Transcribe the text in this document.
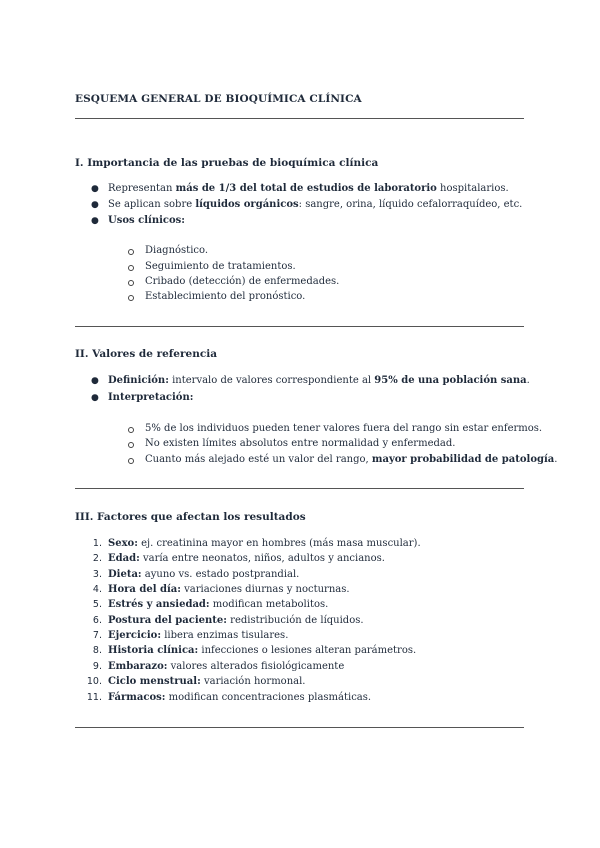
ESQUEMA GENERAL DE BIOQUÍMICA CLÍNICA
I. Importancia de las pruebas de bioquímica clínica
● Representan más de 1/3 del total de estudios de laboratorio hospitalarios.
● Se aplican sobre líquidos orgánicos: sangre, orina, líquido cefalorraquídeo, etc.
● Usos clínicos:
Diagnóstico.
Seguimiento de tratamientos.
Cribado (detección) de enfermedades.
Establecimiento del pronóstico.
II. Valores de referencia
● Definición: intervalo de valores correspondiente al 95% de una población sana.
● Interpretación:
5% de los individuos pueden tener valores fuera del rango sin estar enfermos.
No existen límites absolutos entre normalidad y enfermedad.
Cuanto más alejado esté un valor del rango, mayor probabilidad de patología.
III. Factores que afectan los resultados
1. Sexo: ej. creatinina mayor en hombres (más masa muscular).
2. Edad: varía entre neonatos, niños, adultos y ancianos.
3. Dieta: ayuno vs. estado postprandial.
4. Hora del día: variaciones diurnas y nocturnas.
5. Estrés y ansiedad: modifican metabolitos.
6. Postura del paciente: redistribución de líquidos.
7. Ejercicio: libera enzimas tisulares.
8. Historia clínica: infecciones o lesiones alteran parámetros.
9. Embarazo: valores alterados fisiológicamente
10. Ciclo menstrual: variación hormonal.
11. Fármacos: modifican concentraciones plasmáticas.
